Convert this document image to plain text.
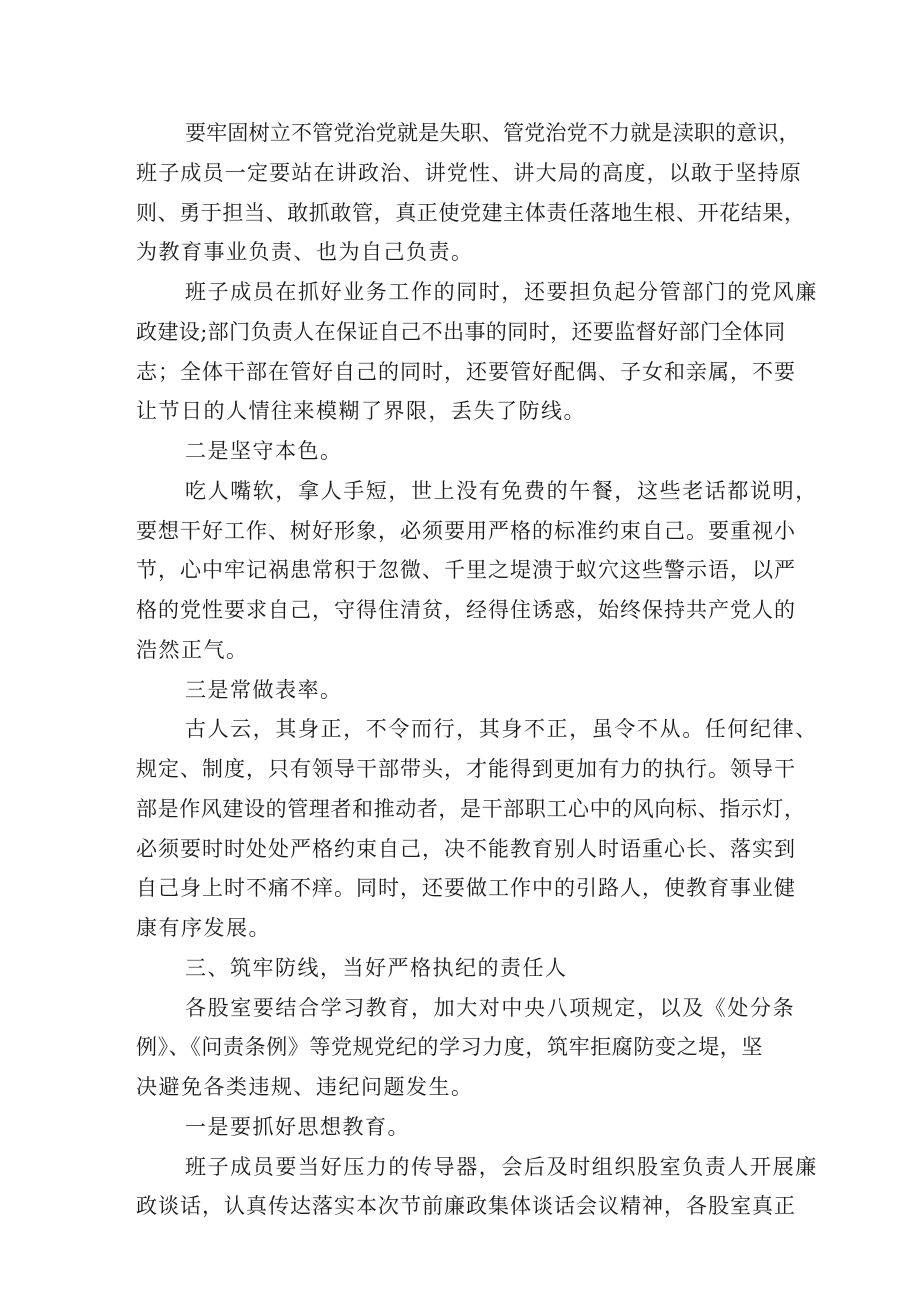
要牢固树立不管党治党就是失职、管党治党不力就是渎职的意识，
班子成员一定要站在讲政治、讲党性、讲大局的高度，以敢于坚持原
则、勇于担当、敢抓敢管，真正使党建主体责任落地生根、开花结果，
为教育事业负责、也为自己负责。
班子成员在抓好业务工作的同时，还要担负起分管部门的党风廉
政建设;部门负责人在保证自己不出事的同时，还要监督好部门全体同
志；全体干部在管好自己的同时，还要管好配偶、子女和亲属，不要
让节日的人情往来模糊了界限，丢失了防线。
二是坚守本色。
吃人嘴软，拿人手短，世上没有免费的午餐，这些老话都说明，
要想干好工作、树好形象，必须要用严格的标准约束自己。要重视小
节，心中牢记祸患常积于忽微、千里之堤溃于蚁穴这些警示语，以严
格的党性要求自己，守得住清贫，经得住诱惑，始终保持共产党人的
浩然正气。
三是常做表率。
古人云，其身正，不令而行，其身不正，虽令不从。任何纪律、
规定、制度，只有领导干部带头，才能得到更加有力的执行。领导干
部是作风建设的管理者和推动者，是干部职工心中的风向标、指示灯，
必须要时时处处严格约束自己，决不能教育别人时语重心长、落实到
自己身上时不痛不痒。同时，还要做工作中的引路人，使教育事业健
康有序发展。
三、筑牢防线，当好严格执纪的责任人
各股室要结合学习教育，加大对中央八项规定，以及《处分条
例》、《问责条例》等党规党纪的学习力度，筑牢拒腐防变之堤，坚
决避免各类违规、违纪问题发生。
一是要抓好思想教育。
班子成员要当好压力的传导器，会后及时组织股室负责人开展廉
政谈话，认真传达落实本次节前廉政集体谈话会议精神，各股室真正
